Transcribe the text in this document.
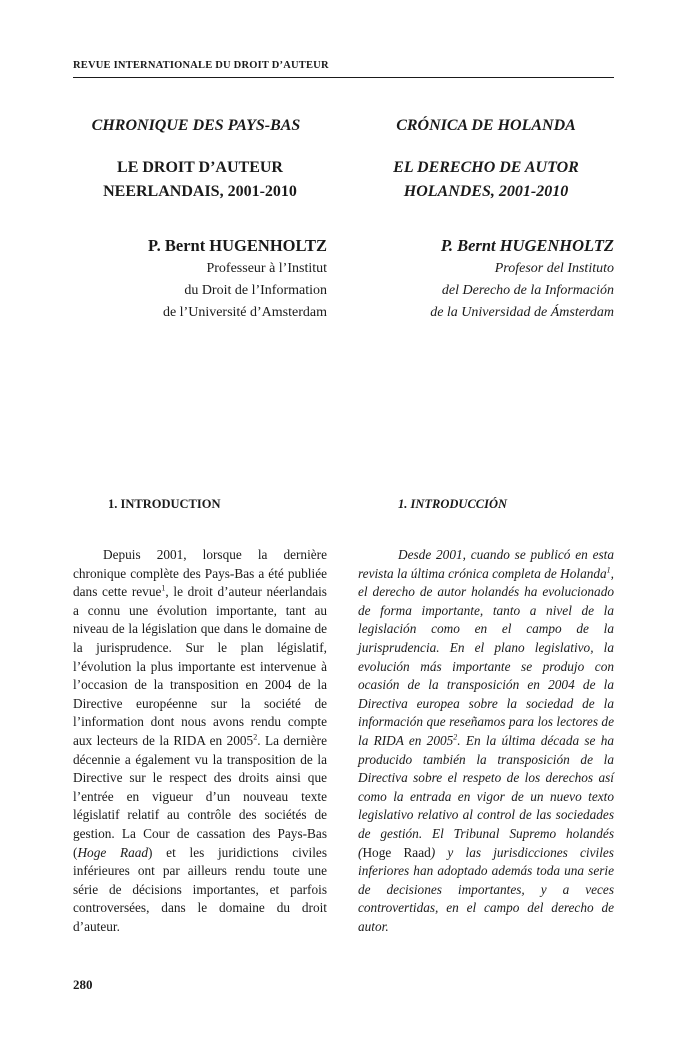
REVUE INTERNATIONALE DU DROIT D’AUTEUR
CHRONIQUE DES PAYS-BAS
LE DROIT D’AUTEUR
NEERLANDAIS, 2001-2010
P. Bernt HUGENHOLTZ
Professeur à l’Institut
du Droit de l’Information
de l’Université d’Amsterdam
1. INTRODUCTION

Depuis 2001, lorsque la dernière chronique complète des Pays-Bas a été publiée dans cette revue$^1$, le droit d’auteur néerlandais a connu une évolution importante, tant au niveau de la législation que dans le domaine de la jurisprudence. Sur le plan législatif, l’évolution la plus importante est intervenue à l’occasion de la transposition en 2004 de la Directive européenne sur la société de l’information dont nous avons rendu compte aux lecteurs de la RIDA en 2005$^2$. La dernière décennie a également vu la transposition de la Directive sur le respect des droits ainsi que l’entrée en vigueur d’un nouveau texte législatif relatif au contrôle des sociétés de gestion. La Cour de cassation des Pays-Bas (Hoge Raad) et les juridictions civiles inférieures ont par ailleurs rendu toute une série de décisions importantes, et parfois controversées, dans le domaine du droit d’auteur.

CRÓNICA DE HOLANDA
EL DERECHO DE AUTOR
HOLANDES, 2001-2010
P. Bernt HUGENHOLTZ
Profesor del Instituto
del Derecho de la Información
de la Universidad de Ámsterdam
1. INTRODUCCIÓN

Desde 2001, cuando se publicó en esta revista la última crónica completa de Holanda$^1$, el derecho de autor holandés ha evolucionado de forma importante, tanto a nivel de la legislación como en el campo de la jurisprudencia. En el plano legislativo, la evolución más importante se produjo con ocasión de la transposición en 2004 de la Directiva europea sobre la sociedad de la información que reseñamos para los lectores de la RIDA en 2005$^2$. En la última década se ha producido también la transposición de la Directiva sobre el respeto de los derechos así como la entrada en vigor de un nuevo texto legislativo relativo al control de las sociedades de gestión. El Tribunal Supremo holandés (Hoge Raad) y las jurisdicciones civiles inferiores han adoptado además toda una serie de decisiones importantes, y a veces controvertidas, en el campo del derecho de autor.

280
